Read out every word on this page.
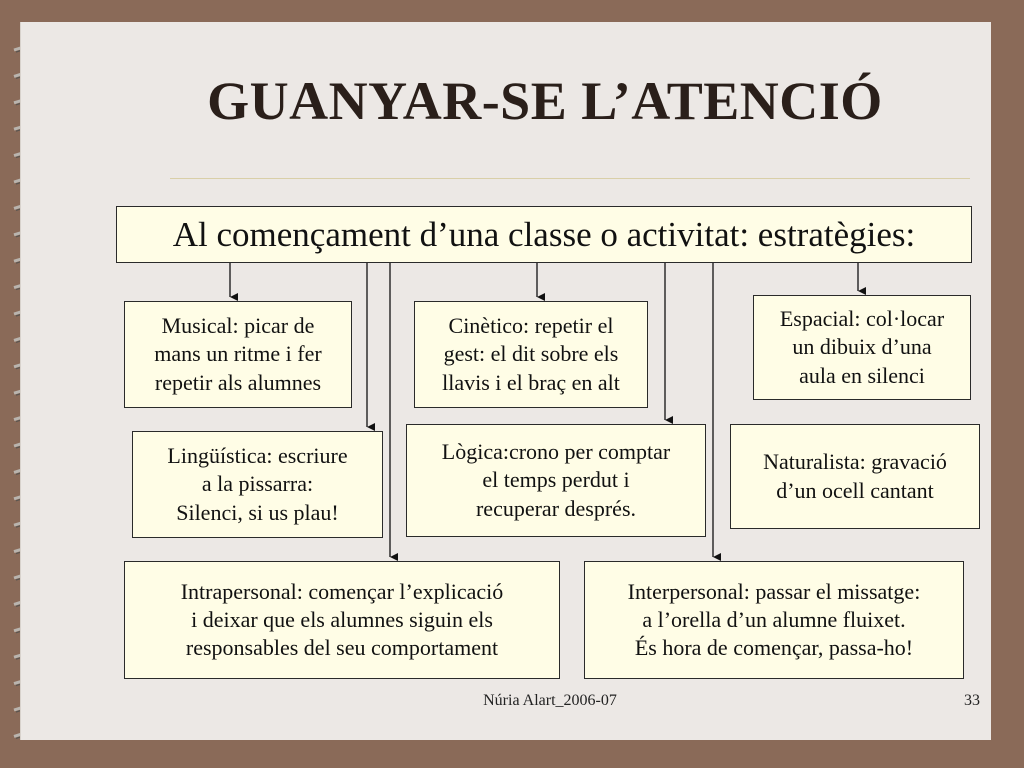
GUANYAR-SE L’ATENCIÓ
Al començament d’una classe o activitat: estratègies:
Musical: picar de
mans un ritme i fer
repetir als alumnes
Cinètico: repetir el
gest: el dit sobre els
llavis i el braç en alt
Espacial: col·locar
un dibuix d’una
aula en silenci
Lingüística: escriure
a la pissarra:
Silenci, si us plau!
Lògica:crono per comptar
el temps perdut i
recuperar després.
Naturalista: gravació
d’un ocell cantant
Intrapersonal: començar l’explicació
i deixar que els alumnes siguin els
responsables del seu comportament
Interpersonal: passar el missatge:
a l’orella d’un alumne fluixet.
És hora de començar, passa-ho!
Núria Alart_2006-07	33
